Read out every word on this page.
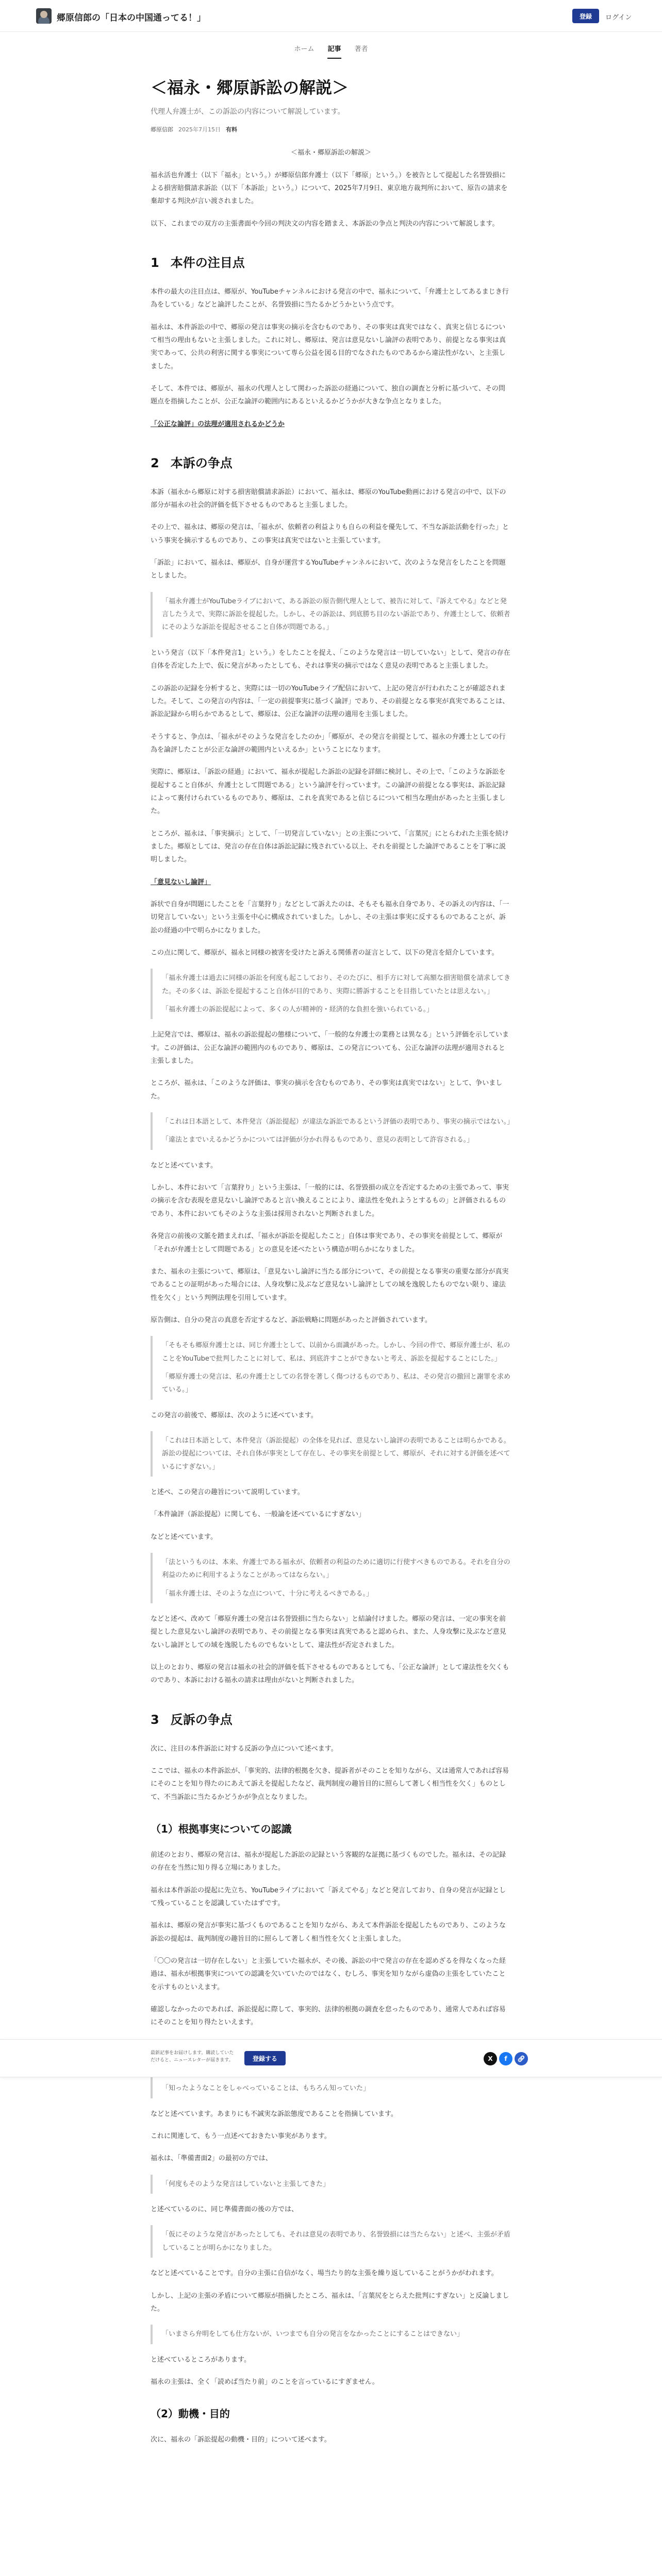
郷原信郎の「日本の中国通ってる！」	登録	ログイン
ホーム 記事 著者
＜福永・郷原訴訟の解説＞
代理人弁護士が、この訴訟の内容について解説しています。
郷原信郎 2025年7月15日 有料

＜福永・郷原訴訟の解説＞

福永活也弁護士（以下「福永」という。）が郷原信郎弁護士（以下「郷原」という。）を被告として提起した名誉毀損による損害賠償請求訴訟（以下「本訴訟」という。）について、2025年7月9日、東京地方裁判所において、原告の請求を棄却する判決が言い渡されました。

以下、これまでの双方の主張書面や今回の判決文の内容を踏まえ、本訴訟の争点と判決の内容について解説します。

1 本件の注目点

本件の最大の注目点は、郷原が、YouTubeチャンネルにおける発言の中で、福永について、「弁護士としてあるまじき行為をしている」などと論評したことが、名誉毀損に当たるかどうかという点です。

福永は、本件訴訟の中で、郷原の発言は事実の摘示を含むものであり、その事実は真実ではなく、真実と信じるについて相当の理由もないと主張しました。これに対し、郷原は、発言は意見ないし論評の表明であり、前提となる事実は真実であって、公共の利害に関する事実について専ら公益を図る目的でなされたものであるから違法性がない、と主張しました。

そして、本件では、郷原が、福永の代理人として関わった訴訟の経過について、独自の調査と分析に基づいて、その問題点を指摘したことが、公正な論評の範囲内にあるといえるかどうかが大きな争点となりました。

「公正な論評」の法理が適用されるかどうか

2 本訴の争点

本訴（福永から郷原に対する損害賠償請求訴訟）において、福永は、郷原のYouTube動画における発言の中で、以下の部分が福永の社会的評価を低下させるものであると主張しました。

その上で、福永は、郷原の発言は、「福永が、依頼者の利益よりも自らの利益を優先して、不当な訴訟活動を行った」という事実を摘示するものであり、この事実は真実ではないと主張しています。

「訴訟」において、福永は、郷原が、自身が運営するYouTubeチャンネルにおいて、次のような発言をしたことを問題としました。

「福永弁護士がYouTubeライブにおいて、ある訴訟の原告側代理人として、被告に対して、『訴えてやる』などと発言したうえで、実際に訴訟を提起した。しかし、その訴訟は、到底勝ち目のない訴訟であり、弁護士として、依頼者にそのような訴訟を提起させること自体が問題である。」

という発言（以下「本件発言1」という。）をしたことを捉え、「このような発言は一切していない」として、発言の存在自体を否定した上で、仮に発言があったとしても、それは事実の摘示ではなく意見の表明であると主張しました。

この訴訟の記録を分析すると、実際には一切のYouTubeライブ配信において、上記の発言が行われたことが確認されました。そして、この発言の内容は、「一定の前提事実に基づく論評」であり、その前提となる事実が真実であることは、訴訟記録から明らかであるとして、郷原は、公正な論評の法理の適用を主張しました。

そうすると、争点は、「福永がそのような発言をしたのか」「郷原が、その発言を前提として、福永の弁護士としての行為を論評したことが公正な論評の範囲内といえるか」ということになります。

実際に、郷原は、「訴訟の経過」において、福永が提起した訴訟の記録を詳細に検討し、その上で、「このような訴訟を提起すること自体が、弁護士として問題である」という論評を行っています。この論評の前提となる事実は、訴訟記録によって裏付けられているものであり、郷原は、これを真実であると信じるについて相当な理由があったと主張しました。

ところが、福永は、「事実摘示」として、「一切発言していない」との主張について、「言葉尻」にとらわれた主張を続けました。郷原としては、発言の存在自体は訴訟記録に残されている以上、それを前提とした論評であることを丁寧に説明しました。

「意見ないし論評」

訴状で自身が問題にしたことを「言葉狩り」などとして訴えたのは、そもそも福永自身であり、その訴えの内容は、「一切発言していない」という主張を中心に構成されていました。しかし、その主張は事実に反するものであることが、訴訟の経過の中で明らかになりました。

この点に関して、郷原が、福永と同様の被害を受けたと訴える関係者の証言として、以下の発言を紹介しています。

「福永弁護士は過去に同様の訴訟を何度も起こしており、そのたびに、相手方に対して高額な損害賠償を請求してきた。その多くは、訴訟を提起すること自体が目的であり、実際に勝訴することを目指していたとは思えない。」

「福永弁護士の訴訟提起によって、多くの人が精神的・経済的な負担を強いられている。」

上記発言では、郷原は、福永の訴訟提起の態様について、「一般的な弁護士の業務とは異なる」という評価を示しています。この評価は、公正な論評の範囲内のものであり、郷原は、この発言についても、公正な論評の法理が適用されると主張しました。

ところが、福永は、「このような評価は、事実の摘示を含むものであり、その事実は真実ではない」として、争いました。

「これは日本語として、本件発言（訴訟提起）が違法な訴訟であるという評価の表明であり、事実の摘示ではない。」

「違法とまでいえるかどうかについては評価が分かれ得るものであり、意見の表明として許容される。」

などと述べています。

しかし、本件において「言葉狩り」という主張は、「一般的には、名誉毀損の成立を否定するための主張であって、事実の摘示を含む表現を意見ないし論評であると言い換えることにより、違法性を免れようとするもの」と評価されるものであり、本件においてもそのような主張は採用されないと判断されました。

各発言の前後の文脈を踏まえれば、「福永が訴訟を提起したこと」自体は事実であり、その事実を前提として、郷原が「それが弁護士として問題である」との意見を述べたという構造が明らかになりました。

また、福永の主張について、郷原は、「意見ないし論評に当たる部分について、その前提となる事実の重要な部分が真実であることの証明があった場合には、人身攻撃に及ぶなど意見ないし論評としての域を逸脱したものでない限り、違法性を欠く」という判例法理を引用しています。

原告側は、自分の発言の真意を否定するなど、訴訟戦略に問題があったと評価されています。

「そもそも郷原弁護士とは、同じ弁護士として、以前から面識があった。しかし、今回の件で、郷原弁護士が、私のことをYouTubeで批判したことに対して、私は、到底許すことができないと考え、訴訟を提起することにした。」

「郷原弁護士の発言は、私の弁護士としての名誉を著しく傷つけるものであり、私は、その発言の撤回と謝罪を求めている。」

この発言の前後で、郷原は、次のように述べています。

「これは日本語として、本件発言（訴訟提起）の全体を見れば、意見ないし論評の表明であることは明らかである。訴訟の提起については、それ自体が事実として存在し、その事実を前提として、郷原が、それに対する評価を述べているにすぎない。」

と述べ、この発言の趣旨について説明しています。

「本件論評（訴訟提起）に関しても、一般論を述べているにすぎない」

などと述べています。

「法というものは、本来、弁護士である福永が、依頼者の利益のために適切に行使すべきものである。それを自分の利益のために利用するようなことがあってはならない。」

「福永弁護士は、そのような点について、十分に考えるべきである。」

などと述べ、改めて「郷原弁護士の発言は名誉毀損に当たらない」と結論付けました。郷原の発言は、一定の事実を前提とした意見ないし論評の表明であり、その前提となる事実は真実であると認められ、また、人身攻撃に及ぶなど意見ないし論評としての域を逸脱したものでもないとして、違法性が否定されました。

以上のとおり、郷原の発言は福永の社会的評価を低下させるものであるとしても、「公正な論評」として違法性を欠くものであり、本訴における福永の請求は理由がないと判断されました。

3 反訴の争点

次に、注目の本件訴訟に対する反訴の争点について述べます。

ここでは、福永の本件訴訟が、「事実的、法律的根拠を欠き、提訴者がそのことを知りながら、又は通常人であれば容易にそのことを知り得たのにあえて訴えを提起したなど、裁判制度の趣旨目的に照らして著しく相当性を欠く」ものとして、不当訴訟に当たるかどうかが争点となりました。

（1）根拠事実についての認識

前述のとおり、郷原の発言は、福永が提起した訴訟の記録という客観的な証拠に基づくものでした。福永は、その記録の存在を当然に知り得る立場にありました。

福永は本件訴訟の提起に先立ち、YouTubeライブにおいて「訴えてやる」などと発言しており、自身の発言が記録として残っていることを認識していたはずです。

福永は、郷原の発言が事実に基づくものであることを知りながら、あえて本件訴訟を提起したものであり、このような訴訟の提起は、裁判制度の趣旨目的に照らして著しく相当性を欠くと主張しました。

「〇〇の発言は一切存在しない」と主張していた福永が、その後、訴訟の中で発言の存在を認めざるを得なくなった経過は、福永が根拠事実についての認識を欠いていたのではなく、むしろ、事実を知りながら虚偽の主張をしていたことを示すものといえます。

確認しなかったのであれば、訴訟提起に際して、事実的、法律的根拠の調査を怠ったものであり、通常人であれば容易にそのことを知り得たといえます。

「知ったようなことをしゃべっていることは、もちろん知っていた」

などと述べています。あまりにも不誠実な訴訟態度であることを指摘しています。

これに関連して、もう一点述べておきたい事実があります。

福永は、「準備書面2」の最初の方では、

「何度もそのような発言はしていないと主張してきた」

と述べているのに、同じ準備書面の後の方では、

「仮にそのような発言があったとしても、それは意見の表明であり、名誉毀損には当たらない」と述べ、主張が矛盾していることが明らかになりました。

などと述べていることです。自分の主張に自信がなく、場当たり的な主張を繰り返していることがうかがわれます。

しかし、上記の主張の矛盾について郷原が指摘したところ、福永は、「言葉尻をとらえた批判にすぎない」と反論しました。

「いまさら弁明をしても仕方ないが、いつまでも自分の発言をなかったことにすることはできない」

と述べているところがあります。

福永の主張は、全く「読めば当たり前」のことを言っているにすぎません。

（2）動機・目的

次に、福永の「訴訟提起の動機・目的」について述べます。

最新記事をお届けします。購読していただけると、ニュースレターが届きます。	登録する	X	f	🔗︎
